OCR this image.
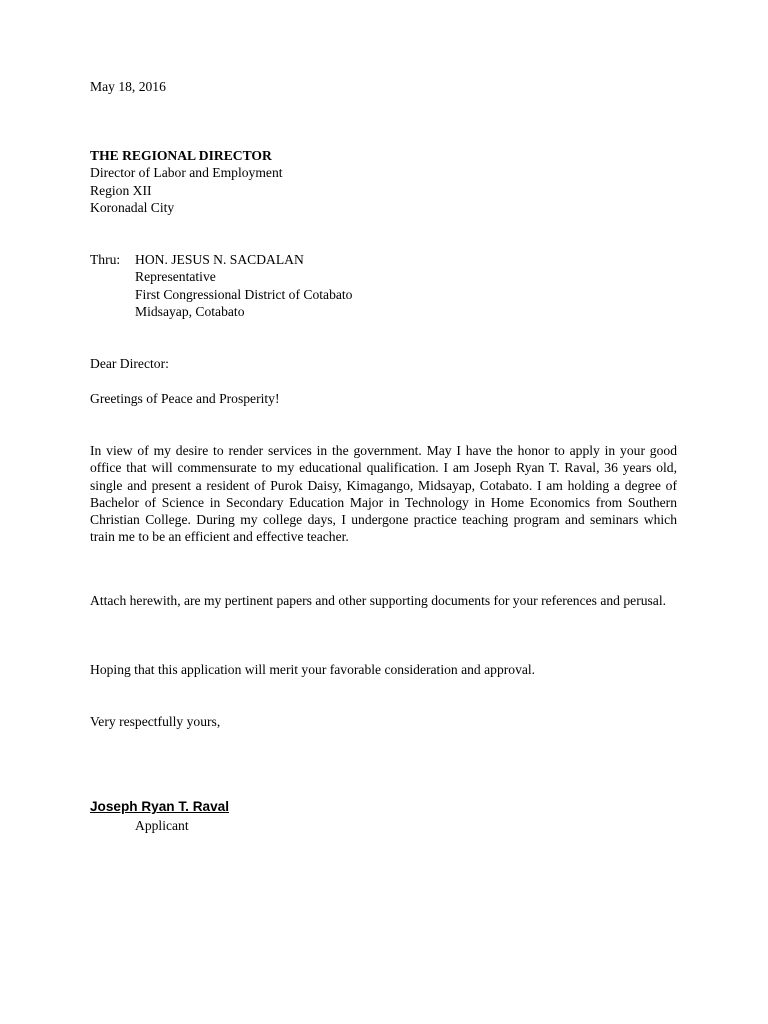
May 18, 2016
THE REGIONAL DIRECTOR
Director of Labor and Employment
Region XII
Koronadal City
Thru: HON. JESUS N. SACDALAN
Representative
First Congressional District of Cotabato
Midsayap, Cotabato
Dear Director:
Greetings of Peace and Prosperity!
In view of my desire to render services in the government. May I have the honor to apply in your good office that will commensurate to my educational qualification. I am Joseph Ryan T. Raval, 36 years old, single and present a resident of Purok Daisy, Kimagango, Midsayap, Cotabato. I am holding a degree of Bachelor of Science in Secondary Education Major in Technology in Home Economics from Southern Christian College. During my college days, I undergone practice teaching program and seminars which train me to be an efficient and effective teacher.
Attach herewith, are my pertinent papers and other supporting documents for your references and perusal.
Hoping that this application will merit your favorable consideration and approval.
Very respectfully yours,
Joseph Ryan T. Raval
Applicant
